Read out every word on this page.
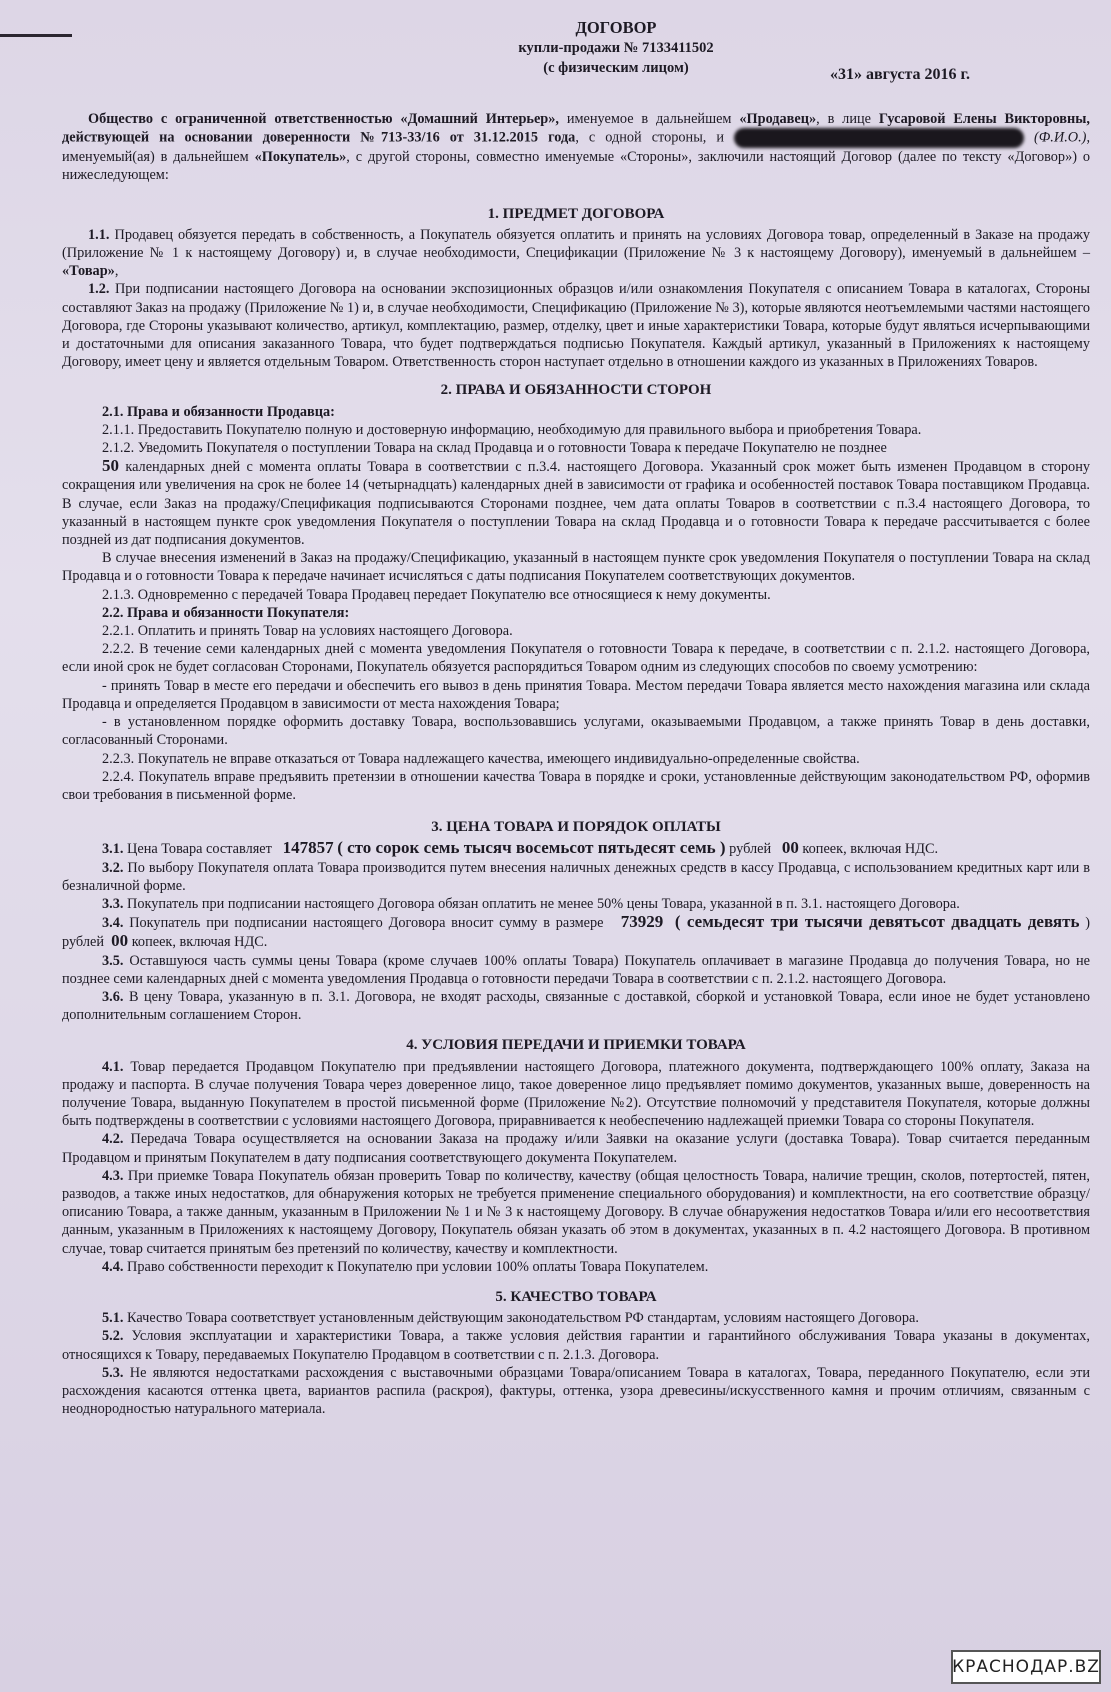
ДОГОВОР
купли-продажи № 7133411502
(с физическим лицом)	«31» августа 2016 г.

Общество с ограниченной ответственностью «Домашний Интерьер», именуемое в дальнейшем «Продавец», в лице Гусаровой Елены Викторовны, действующей на основании доверенности №713-33/16 от 31.12.2015 года, с одной стороны, и	(Ф.И.О.), именуемый(ая) в дальнейшем «Покупатель», с другой стороны, совместно именуемые «Стороны», заключили настоящий Договор (далее по тексту «Договор») о нижеследующем:

1. ПРЕДМЕТ ДОГОВОРА

1.1. Продавец обязуется передать в собственность, а Покупатель обязуется оплатить и принять на условиях Договора товар, определенный в Заказе на продажу (Приложение № 1 к настоящему Договору) и, в случае необходимости, Спецификации (Приложение № 3 к настоящему Договору), именуемый в дальнейшем – «Товар»,

1.2. При подписании настоящего Договора на основании экспозиционных образцов и/или ознакомления Покупателя с описанием Товара в каталогах, Стороны составляют Заказ на продажу (Приложение № 1) и, в случае необходимости, Спецификацию (Приложение № 3), которые являются неотъемлемыми частями настоящего Договора, где Стороны указывают количество, артикул, комплектацию, размер, отделку, цвет и иные характеристики Товара, которые будут являться исчерпывающими и достаточными для описания заказанного Товара, что будет подтверждаться подписью Покупателя. Каждый артикул, указанный в Приложениях к настоящему Договору, имеет цену и является отдельным Товаром. Ответственность сторон наступает отдельно в отношении каждого из указанных в Приложениях Товаров.

2. ПРАВА И ОБЯЗАННОСТИ СТОРОН

2.1. Права и обязанности Продавца:

2.1.1. Предоставить Покупателю полную и достоверную информацию, необходимую для правильного выбора и приобретения Товара.

2.1.2. Уведомить Покупателя о поступлении Товара на склад Продавца и о готовности Товара к передаче Покупателю не позднее

50 календарных дней с момента оплаты Товара в соответствии с п.3.4. настоящего Договора. Указанный срок может быть изменен Продавцом в сторону сокращения или увеличения на срок не более 14 (четырнадцать) календарных дней в зависимости от графика и особенностей поставок Товара поставщиком Продавца. В случае, если Заказ на продажу/Спецификация подписываются Сторонами позднее, чем дата оплаты Товаров в соответствии с п.3.4 настоящего Договора, то указанный в настоящем пункте срок уведомления Покупателя о поступлении Товара на склад Продавца и о готовности Товара к передаче рассчитывается с более поздней из дат подписания документов.

В случае внесения изменений в Заказ на продажу/Спецификацию, указанный в настоящем пункте срок уведомления Покупателя о поступлении Товара на склад Продавца и о готовности Товара к передаче начинает исчисляться с даты подписания Покупателем соответствующих документов.

2.1.3. Одновременно с передачей Товара Продавец передает Покупателю все относящиеся к нему документы.

2.2. Права и обязанности Покупателя:

2.2.1. Оплатить и принять Товар на условиях настоящего Договора.

2.2.2. В течение семи календарных дней с момента уведомления Покупателя о готовности Товара к передаче, в соответствии с п. 2.1.2. настоящего Договора, если иной срок не будет согласован Сторонами, Покупатель обязуется распорядиться Товаром одним из следующих способов по своему усмотрению:

- принять Товар в месте его передачи и обеспечить его вывоз в день принятия Товара. Местом передачи Товара является место нахождения магазина или склада Продавца и определяется Продавцом в зависимости от места нахождения Товара;

- в установленном порядке оформить доставку Товара, воспользовавшись услугами, оказываемыми Продавцом, а также принять Товар в день доставки, согласованный Сторонами.

2.2.3. Покупатель не вправе отказаться от Товара надлежащего качества, имеющего индивидуально-определенные свойства.

2.2.4. Покупатель вправе предъявить претензии в отношении качества Товара в порядке и сроки, установленные действующим законодательством РФ, оформив свои требования в письменной форме.

3. ЦЕНА ТОВАРА И ПОРЯДОК ОПЛАТЫ

3.1. Цена Товара составляет 147857 ( сто сорок семь тысяч восемьсот пятьдесят семь ) рублей 00 копеек, включая НДС.

3.2. По выбору Покупателя оплата Товара производится путем внесения наличных денежных средств в кассу Продавца, с использованием кредитных карт или в безналичной форме.

3.3. Покупатель при подписании настоящего Договора обязан оплатить не менее 50% цены Товара, указанной в п. 3.1. настоящего Договора.

3.4. Покупатель при подписании настоящего Договора вносит сумму в размере 73929 ( семьдесят три тысячи девятьсот двадцать девять ) рублей 00 копеек, включая НДС.

3.5. Оставшуюся часть суммы цены Товара (кроме случаев 100% оплаты Товара) Покупатель оплачивает в магазине Продавца до получения Товара, но не позднее семи календарных дней с момента уведомления Продавца о готовности передачи Товара в соответствии с п. 2.1.2. настоящего Договора.

3.6. В цену Товара, указанную в п. 3.1. Договора, не входят расходы, связанные с доставкой, сборкой и установкой Товара, если иное не будет установлено дополнительным соглашением Сторон.

4. УСЛОВИЯ ПЕРЕДАЧИ И ПРИЕМКИ ТОВАРА

4.1. Товар передается Продавцом Покупателю при предъявлении настоящего Договора, платежного документа, подтверждающего 100% оплату, Заказа на продажу и паспорта. В случае получения Товара через доверенное лицо, такое доверенное лицо предъявляет помимо документов, указанных выше, доверенность на получение Товара, выданную Покупателем в простой письменной форме (Приложение №2). Отсутствие полномочий у представителя Покупателя, которые должны быть подтверждены в соответствии с условиями настоящего Договора, приравнивается к необеспечению надлежащей приемки Товара со стороны Покупателя.

4.2. Передача Товара осуществляется на основании Заказа на продажу и/или Заявки на оказание услуги (доставка Товара). Товар считается переданным Продавцом и принятым Покупателем в дату подписания соответствующего документа Покупателем.

4.3. При приемке Товара Покупатель обязан проверить Товар по количеству, качеству (общая целостность Товара, наличие трещин, сколов, потертостей, пятен, разводов, а также иных недостатков, для обнаружения которых не требуется применение специального оборудования) и комплектности, на его соответствие образцу/описанию Товара, а также данным, указанным в Приложении № 1 и № 3 к настоящему Договору. В случае обнаружения недостатков Товара и/или его несоответствия данным, указанным в Приложениях к настоящему Договору, Покупатель обязан указать об этом в документах, указанных в п. 4.2 настоящего Договора. В противном случае, товар считается принятым без претензий по количеству, качеству и комплектности.

4.4. Право собственности переходит к Покупателю при условии 100% оплаты Товара Покупателем.

5. КАЧЕСТВО ТОВАРА

5.1. Качество Товара соответствует установленным действующим законодательством РФ стандартам, условиям настоящего Договора.

5.2. Условия эксплуатации и характеристики Товара, а также условия действия гарантии и гарантийного обслуживания Товара указаны в документах, относящихся к Товару, передаваемых Покупателю Продавцом в соответствии с п. 2.1.3. Договора.

5.3. Не являются недостатками расхождения с выставочными образцами Товара/описанием Товара в каталогах, Товара, переданного Покупателю, если эти расхождения касаются оттенка цвета, вариантов распила (раскроя), фактуры, оттенка, узора древесины/искусственного камня и прочим отличиям, связанным с неоднородностью натурального материала.

КРАСНОДАР.BZ
